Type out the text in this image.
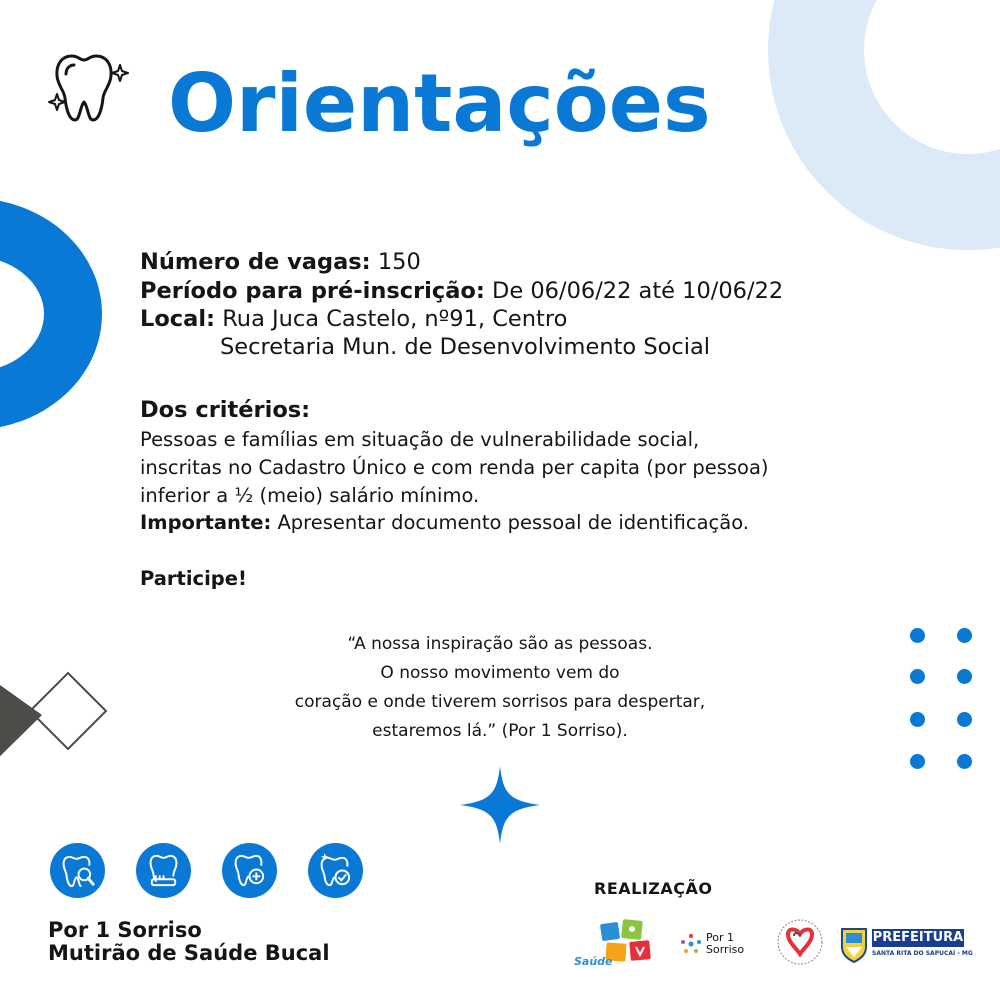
Orientações
Número de vagas: 150
Período para pré-inscrição: De 06/06/22 até 10/06/22
Local: Rua Juca Castelo, nº91, Centro
Secretaria Mun. de Desenvolvimento Social
Dos critérios:
Pessoas e famílias em situação de vulnerabilidade social,
inscritas no Cadastro Único e com renda per capita (por pessoa)
inferior a ½ (meio) salário mínimo.
Importante: Apresentar documento pessoal de identificação.
Participe!
“A nossa inspiração são as pessoas.
O nosso movimento vem do
coração e onde tiverem sorrisos para despertar,
estaremos lá.” (Por 1 Sorriso).
Por 1 Sorriso
Mutirão de Saúde Bucal
REALIZAÇÃO
Saúde
Por 1
Sorriso
PREFEITURA
SANTA RITA DO SAPUCAÍ - MG
